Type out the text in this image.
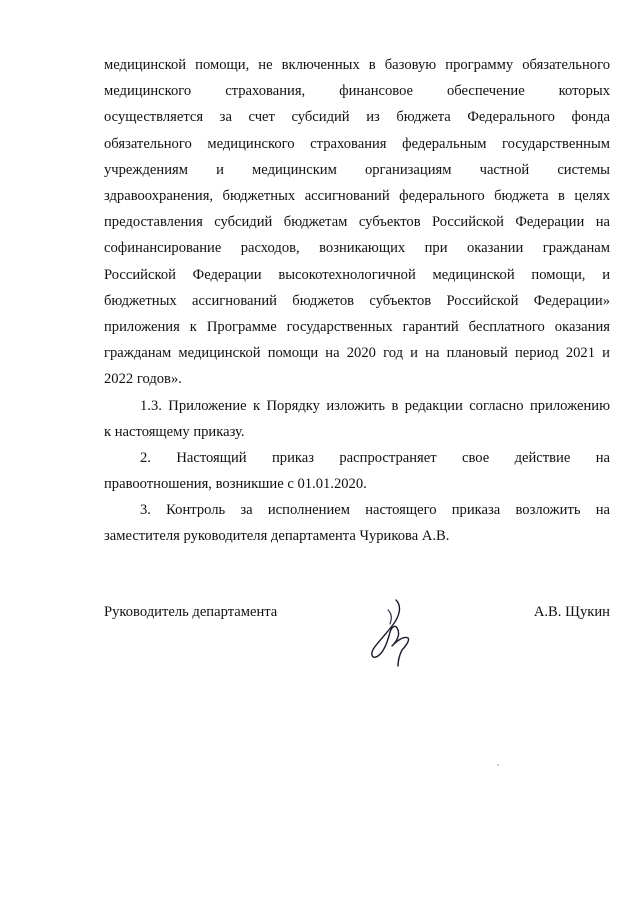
медицинской помощи, не включенных в базовую программу обязательного
медицинского страхования, финансовое обеспечение которых
осуществляется за счет субсидий из бюджета Федерального фонда
обязательного медицинского страхования федеральным государственным
учреждениям и медицинским организациям частной системы
здравоохранения, бюджетных ассигнований федерального бюджета в целях
предоставления субсидий бюджетам субъектов Российской Федерации на
софинансирование расходов, возникающих при оказании гражданам
Российской Федерации высокотехнологичной медицинской помощи, и
бюджетных ассигнований бюджетов субъектов Российской Федерации»
приложения к Программе государственных гарантий бесплатного оказания
гражданам медицинской помощи на 2020 год и на плановый период 2021 и
2022 годов».
1.3. Приложение к Порядку изложить в редакции согласно приложению
к настоящему приказу.
2. Настоящий приказ распространяет свое действие на
правоотношения, возникшие с 01.01.2020.
3. Контроль за исполнением настоящего приказа возложить на
заместителя руководителя департамента Чурикова А.В.
Руководитель департамента	А.В. Щукин
